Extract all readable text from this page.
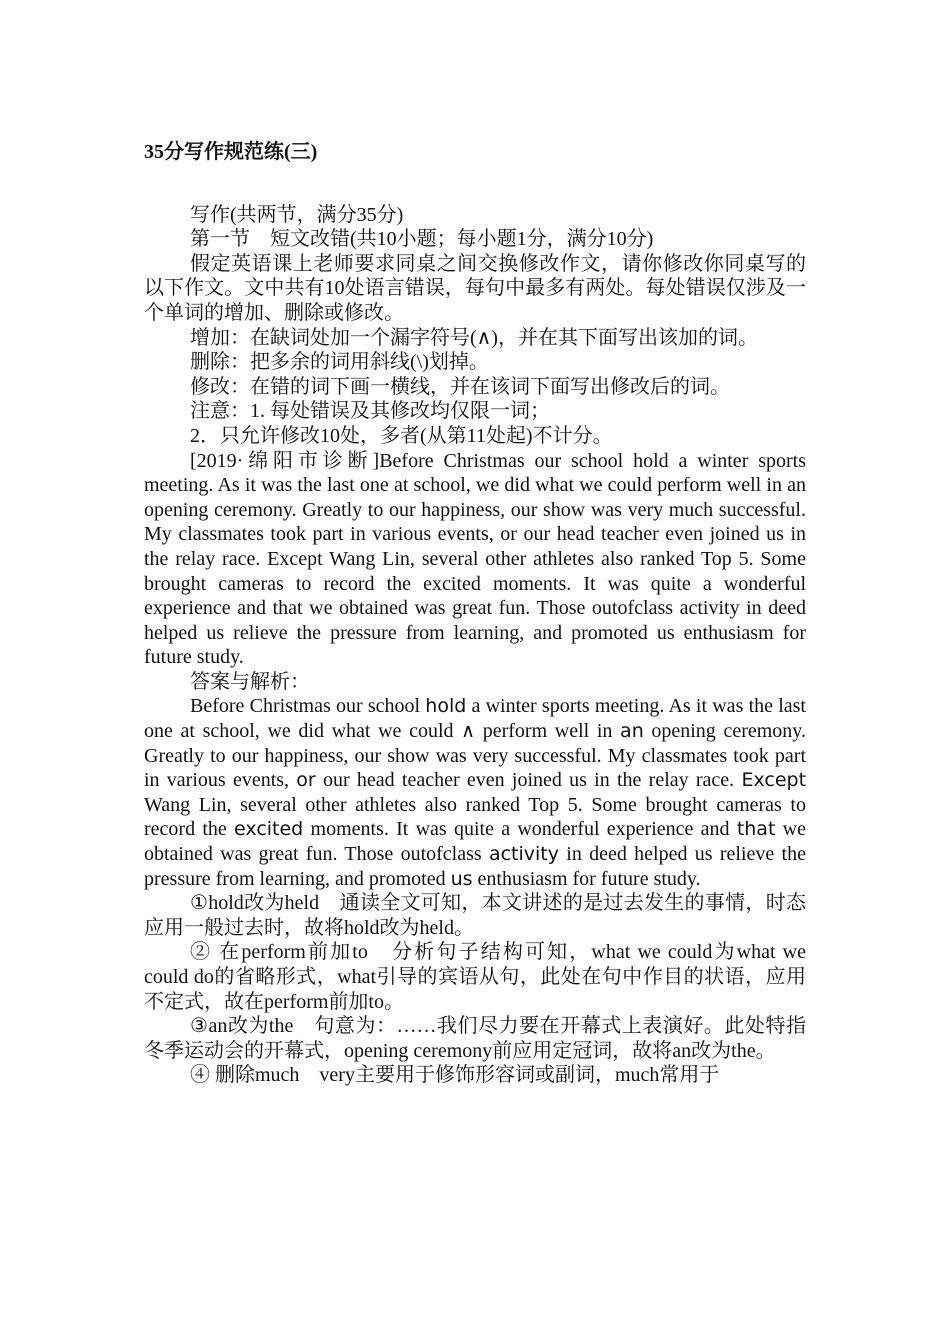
35分写作规范练(三)

写作(共两节，满分35分)

第一节　短文改错(共10小题；每小题1分，满分10分)

假定英语课上老师要求同桌之间交换修改作文，请你修改你同桌写的以下作文。文中共有10处语言错误，每句中最多有两处。每处错误仅涉及一个单词的增加、删除或修改。

增加：在缺词处加一个漏字符号(∧)，并在其下面写出该加的词。

删除：把多余的词用斜线(\)划掉。

修改：在错的词下画一横线，并在该词下面写出修改后的词。

注意：1. 每处错误及其修改均仅限一词；

2．只允许修改10处，多者(从第11处起)不计分。

[2019·绵阳市诊断]Before Christmas our school hold a winter sports meeting. As it was the last one at school, we did what we could perform well in an opening ceremony. Greatly to our happiness, our show was very much successful. My classmates took part in various events, or our head teacher even joined us in the relay race. Except Wang Lin, several other athletes also ranked Top 5. Some brought cameras to record the excited moments. It was quite a wonderful experience and that we obtained was great fun. Those outofclass activity in deed helped us relieve the pressure from learning, and promoted us enthusiasm for future study.

答案与解析：

Before Christmas our school hold a winter sports meeting. As it was the last one at school, we did what we could ∧ perform well in an opening ceremony. Greatly to our happiness, our show was very successful. My classmates took part in various events, or our head teacher even joined us in the relay race. Except Wang Lin, several other athletes also ranked Top 5. Some brought cameras to record the excited moments. It was quite a wonderful experience and that we obtained was great fun. Those outofclass activity in deed helped us relieve the pressure from learning, and promoted us enthusiasm for future study.

①hold改为held　通读全文可知，本文讲述的是过去发生的事情，时态应用一般过去时，故将hold改为held。

② 在perform前加to　分析句子结构可知，what we could为what we could do的省略形式，what引导的宾语从句，此处在句中作目的状语，应用不定式，故在perform前加to。

③an改为the　句意为：……我们尽力要在开幕式上表演好。此处特指冬季运动会的开幕式，opening ceremony前应用定冠词，故将an改为the。

④ 删除much　very主要用于修饰形容词或副词，much常用于
